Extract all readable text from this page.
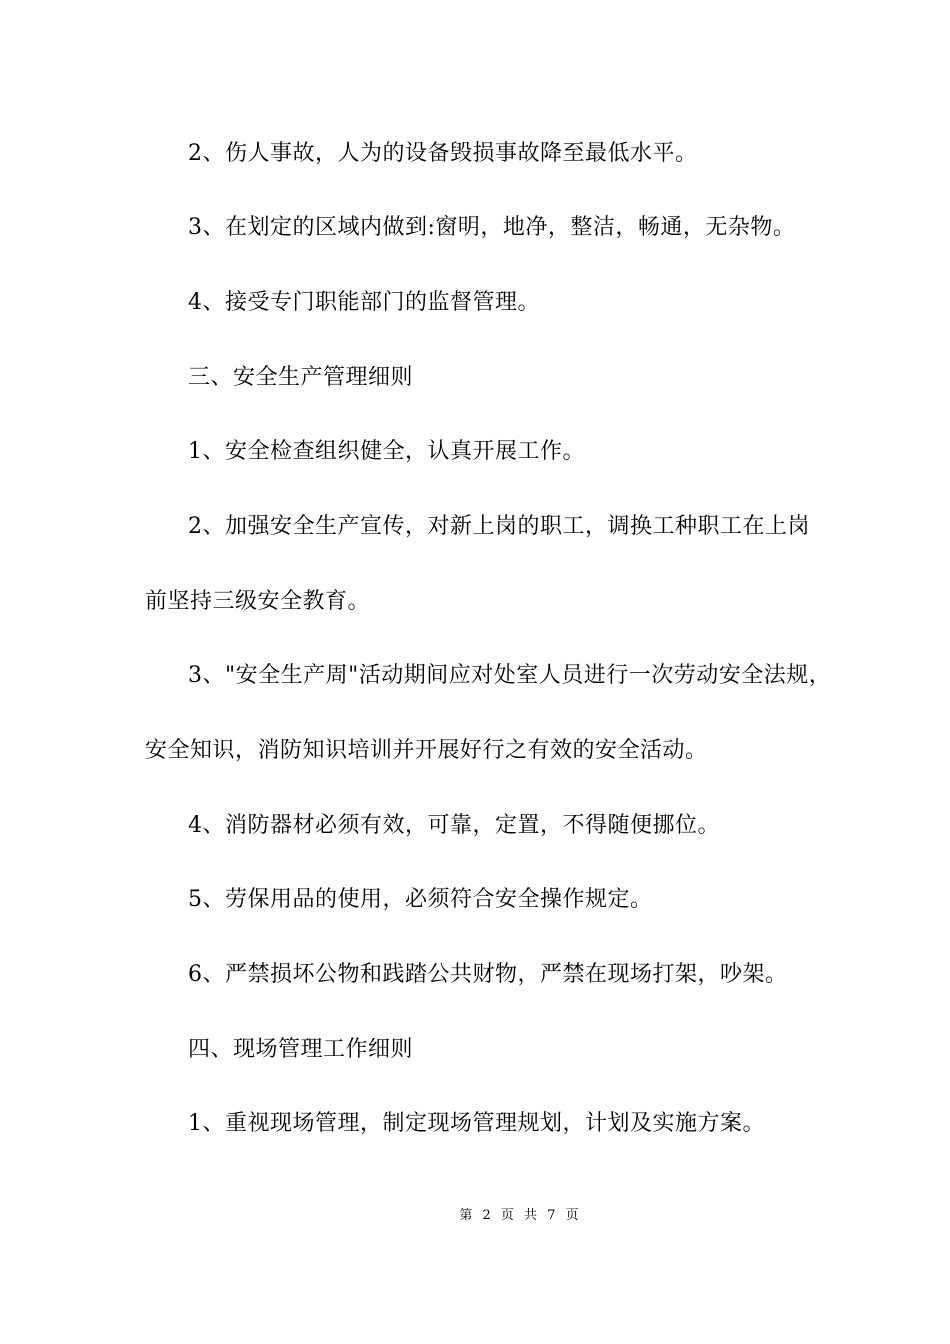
2、伤人事故，人为的设备毁损事故降至最低水平。
3、在划定的区域内做到:窗明，地净，整洁，畅通，无杂物。
4、接受专门职能部门的监督管理。
三、安全生产管理细则
1、安全检查组织健全，认真开展工作。
2、加强安全生产宣传，对新上岗的职工，调换工种职工在上岗
前坚持三级安全教育。
3、"安全生产周"活动期间应对处室人员进行一次劳动安全法规，
安全知识，消防知识培训并开展好行之有效的安全活动。
4、消防器材必须有效，可靠，定置，不得随便挪位。
5、劳保用品的使用，必须符合安全操作规定。
6、严禁损坏公物和践踏公共财物，严禁在现场打架，吵架。
四、现场管理工作细则
1、重视现场管理，制定现场管理规划，计划及实施方案。
第 2 页 共 7 页
